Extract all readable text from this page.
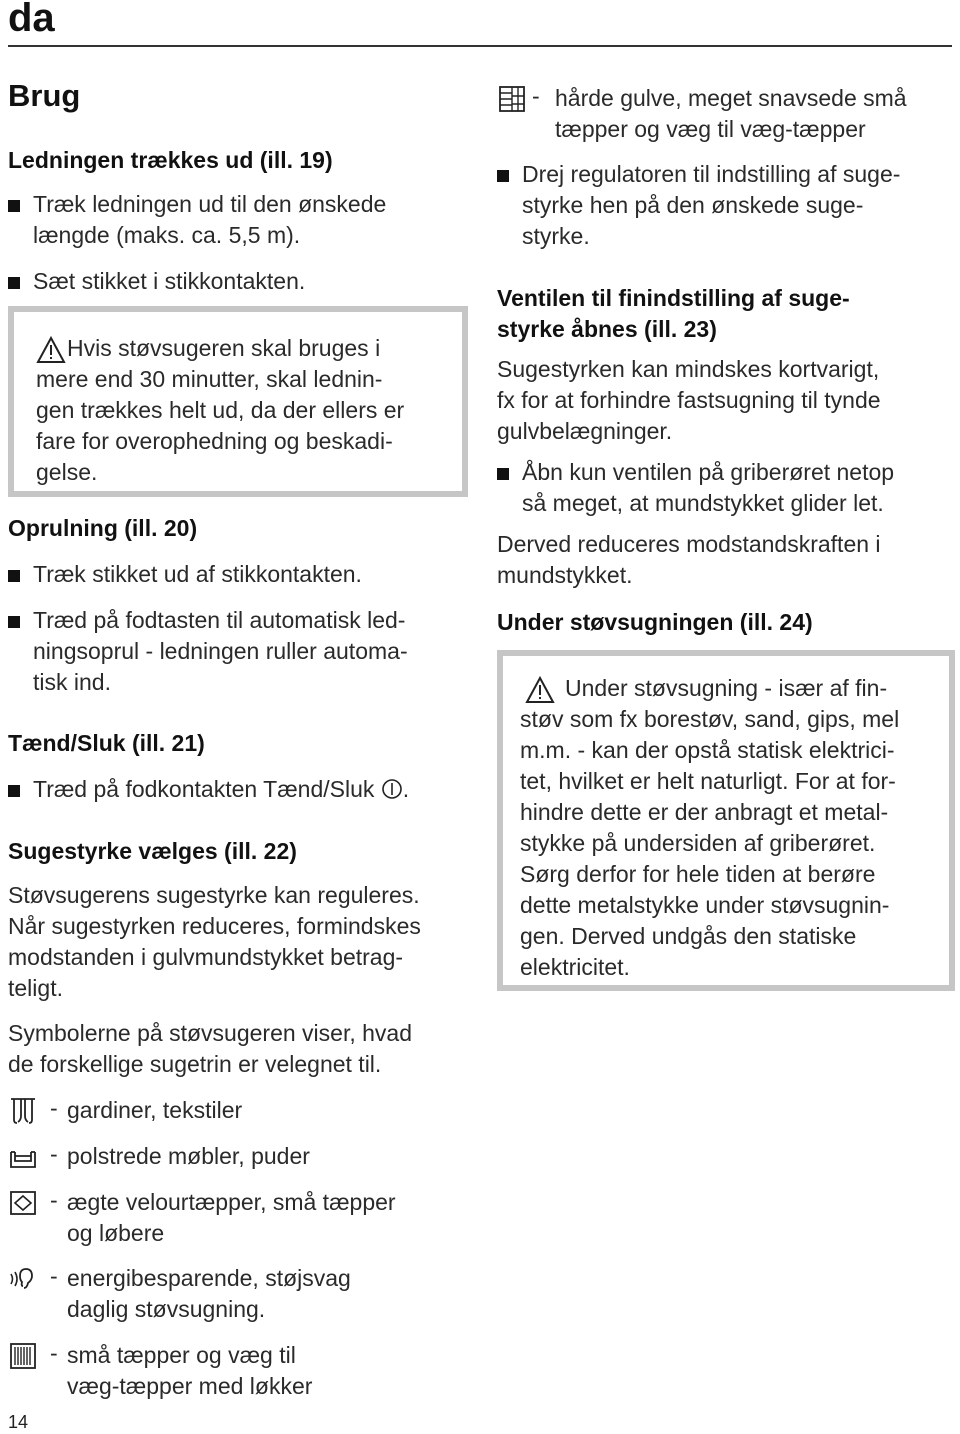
da
Brug
Ledningen trækkes ud (ill. 19)
Træk ledningen ud til den ønskede
længde (maks. ca. 5,5 m).
Sæt stikket i stikkontakten.
Hvis støvsugeren skal bruges i
mere end 30 minutter, skal lednin-
gen trækkes helt ud, da der ellers er
fare for overophedning og beskadi-
gelse.
Oprulning (ill. 20)
Træk stikket ud af stikkontakten.
Træd på fodtasten til automatisk led-
ningsoprul - ledningen ruller automa-
tisk ind.
Tænd/Sluk (ill. 21)
Træd på fodkontakten Tænd/Sluk .
Sugestyrke vælges (ill. 22)
Støvsugerens sugestyrke kan reguleres.
Når sugestyrken reduceres, formindskes
modstanden i gulvmundstykket betrag-
teligt.
Symbolerne på støvsugeren viser, hvad
de forskellige sugetrin er velegnet til.
- gardiner, tekstiler
- polstrede møbler, puder
- ægte velourtæpper, små tæpper
og løbere
- energibesparende, støjsvag
daglig støvsugning.
- små tæpper og væg til
væg-tæpper med løkker
- hårde gulve, meget snavsede små
tæpper og væg til væg-tæpper
Drej regulatoren til indstilling af suge-
styrke hen på den ønskede suge-
styrke.
Ventilen til finindstilling af suge-
styrke åbnes (ill. 23)
Sugestyrken kan mindskes kortvarigt,
fx for at forhindre fastsugning til tynde
gulvbelægninger.
Åbn kun ventilen på griberøret netop
så meget, at mundstykket glider let.
Derved reduceres modstandskraften i
mundstykket.
Under støvsugningen (ill. 24)
Under støvsugning - især af fin-
støv som fx borestøv, sand, gips, mel
m.m. - kan der opstå statisk elektrici-
tet, hvilket er helt naturligt. For at for-
hindre dette er der anbragt et metal-
stykke på undersiden af griberøret.
Sørg derfor for hele tiden at berøre
dette metalstykke under støvsugnin-
gen. Derved undgås den statiske
elektricitet.
14
